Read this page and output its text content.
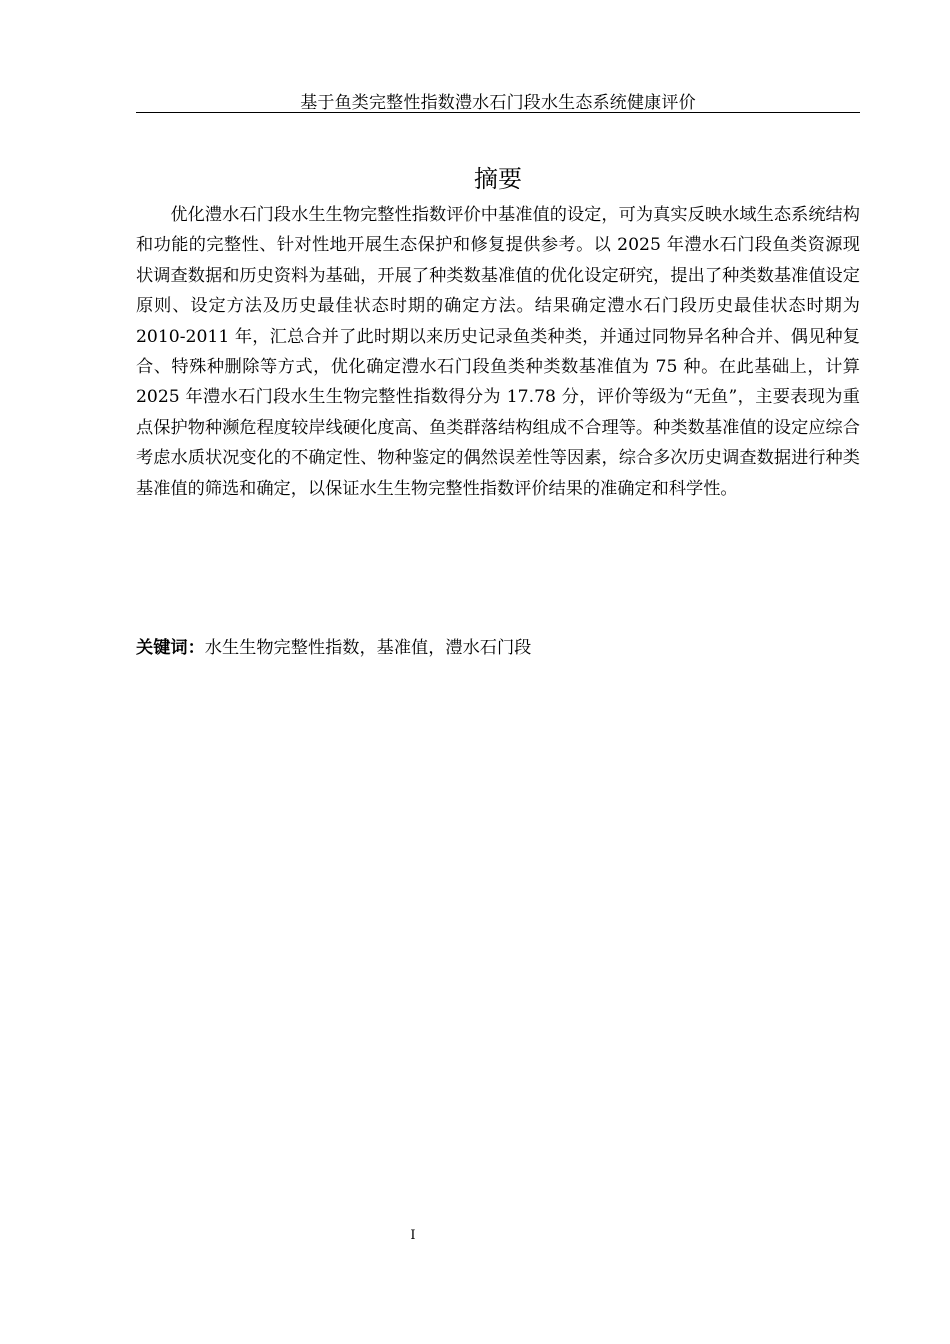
基于鱼类完整性指数澧水石门段水生态系统健康评价
摘要

优化澧水石门段水生生物完整性指数评价中基准值的设定，可为真实反映水域生态系统结构和功能的完整性、针对性地开展生态保护和修复提供参考。以 2025 年澧水石门段鱼类资源现状调查数据和历史资料为基础，开展了种类数基准值的优化设定研究，提出了种类数基准值设定原则、设定方法及历史最佳状态时期的确定方法。结果确定澧水石门段历史最佳状态时期为 2010-2011 年，汇总合并了此时期以来历史记录鱼类种类，并通过同物异名种合并、偶见种复合、特殊种删除等方式，优化确定澧水石门段鱼类种类数基准值为 75 种。在此基础上，计算 2025 年澧水石门段水生生物完整性指数得分为 17.78 分，评价等级为“无鱼”，主要表现为重点保护物种濒危程度较岸线硬化度高、鱼类群落结构组成不合理等。种类数基准值的设定应综合考虑水质状况变化的不确定性、物种鉴定的偶然误差性等因素，综合多次历史调查数据进行种类基准值的筛选和确定，以保证水生生物完整性指数评价结果的准确定和科学性。

关键词：水生生物完整性指数，基准值，澧水石门段

I
